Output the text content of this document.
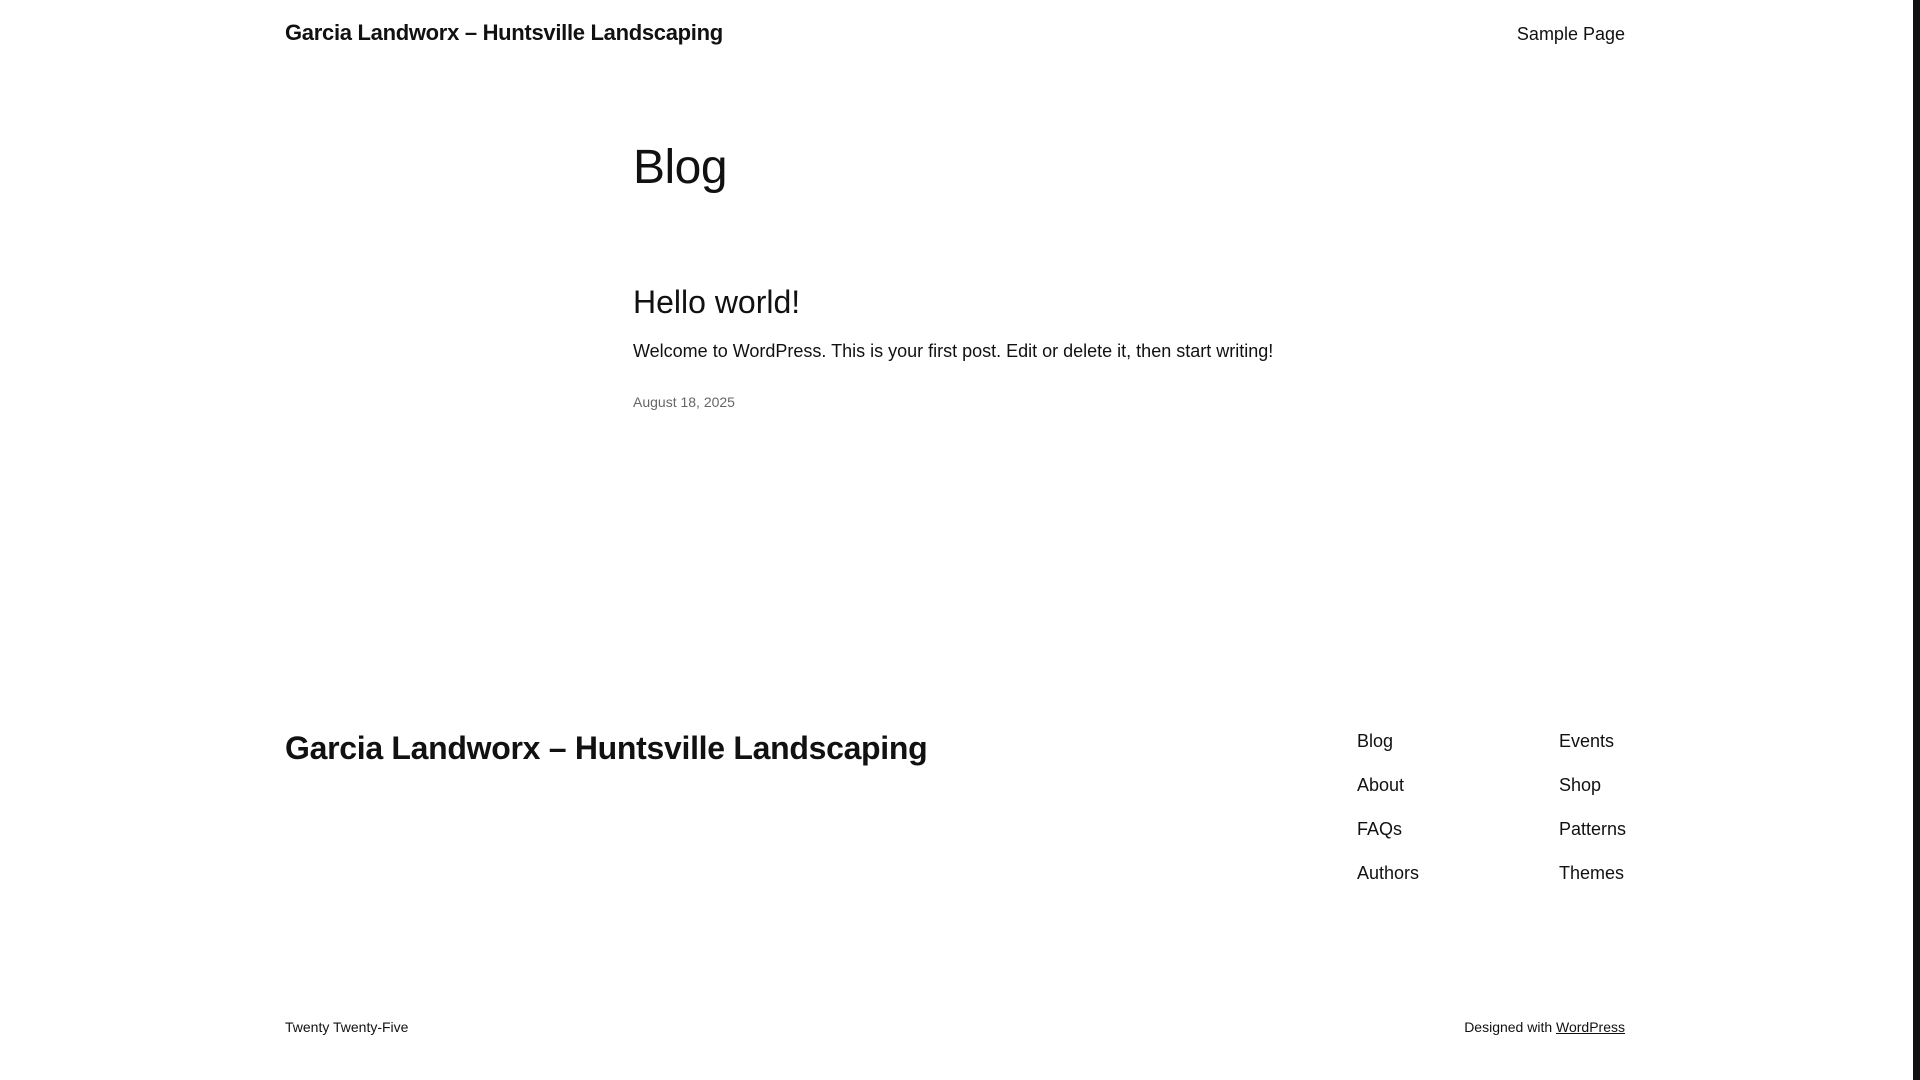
Garcia Landworx – Huntsville Landscaping	Sample Page
Blog
Hello world!

Welcome to WordPress. This is your first post. Edit or delete it, then start writing!

August 18, 2025
Garcia Landworx – Huntsville Landscaping	Blog
About
FAQs
Authors
Events
Shop
Patterns
Themes
Twenty Twenty-Five	Designed with WordPress
